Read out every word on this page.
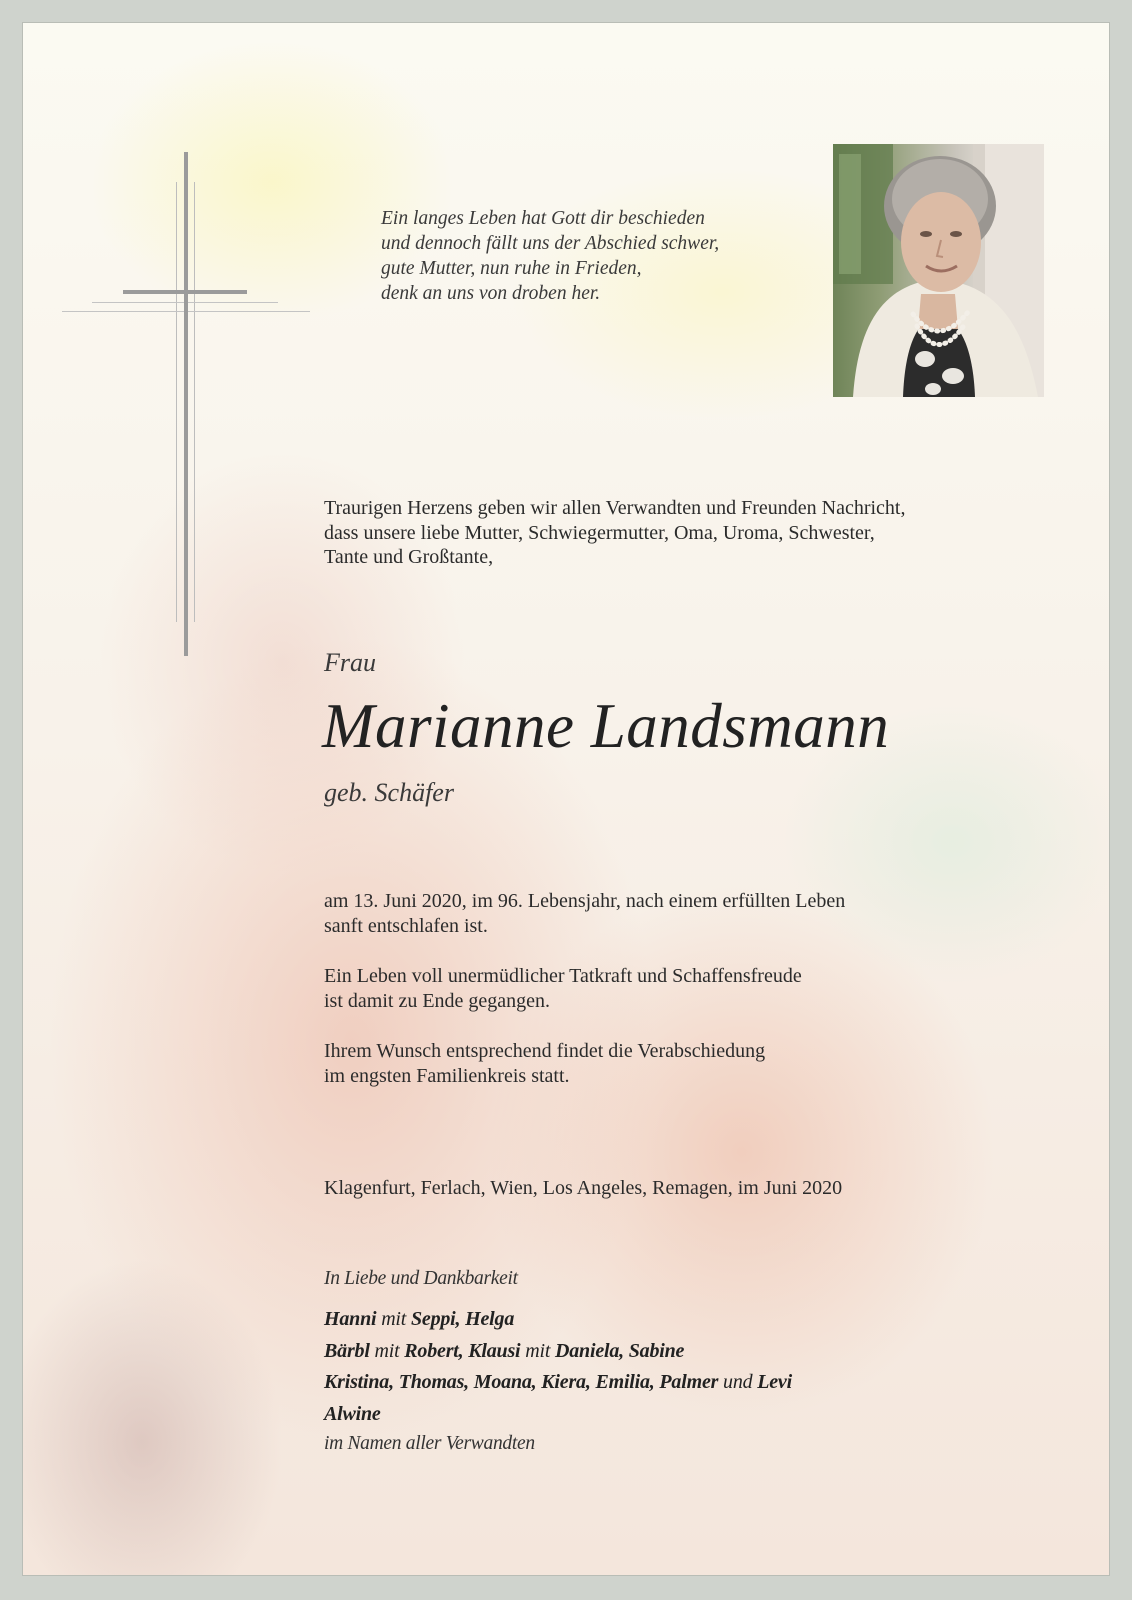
Ein langes Leben hat Gott dir beschieden
und dennoch fällt uns der Abschied schwer,
gute Mutter, nun ruhe in Frieden,
denk an uns von droben her.
Traurigen Herzens geben wir allen Verwandten und Freunden Nachricht,
dass unsere liebe Mutter, Schwiegermutter, Oma, Uroma, Schwester,
Tante und Großtante,
Frau
Marianne Landsmann
geb. Schäfer
am 13. Juni 2020, im 96. Lebensjahr, nach einem erfüllten Leben
sanft entschlafen ist.
Ein Leben voll unermüdlicher Tatkraft und Schaffensfreude
ist damit zu Ende gegangen.
Ihrem Wunsch entsprechend findet die Verabschiedung
im engsten Familienkreis statt.
Klagenfurt, Ferlach, Wien, Los Angeles, Remagen, im Juni 2020
In Liebe und Dankbarkeit
Hanni mit Seppi, Helga
Bärbl mit Robert, Klausi mit Daniela, Sabine
Kristina, Thomas, Moana, Kiera, Emilia, Palmer und Levi
Alwine
im Namen aller Verwandten
